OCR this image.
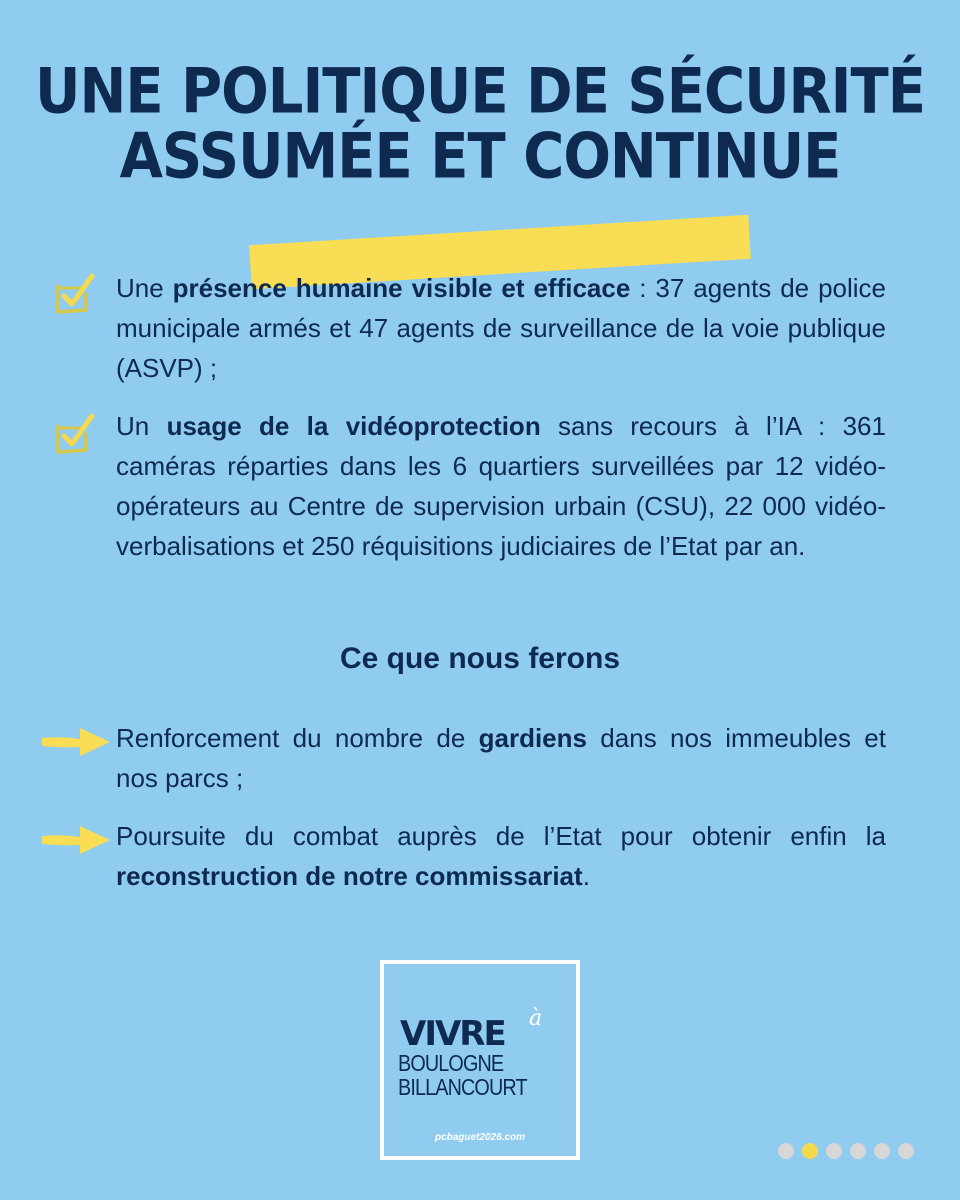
UNE POLITIQUE DE SÉCURITÉ
ASSUMÉE ET CONTINUE
Une présence humaine visible et efficace : 37 agents de police municipale armés et 47 agents de surveillance de la voie publique (ASVP) ;
Un usage de la vidéoprotection sans recours à l’IA : 361 caméras réparties dans les 6 quartiers surveillées par 12 vidéo-opérateurs au Centre de supervision urbain (CSU), 22 000 vidéo-verbalisations et 250 réquisitions judiciaires de l’Etat par an.
Ce que nous ferons
Renforcement du nombre de gardiens dans nos immeubles et nos parcs ;
Poursuite du combat auprès de l’Etat pour obtenir enfin la reconstruction de notre commissariat.
VIVRE à
BOULOGNE
BILLANCOURT
pcbaguet2026.com
